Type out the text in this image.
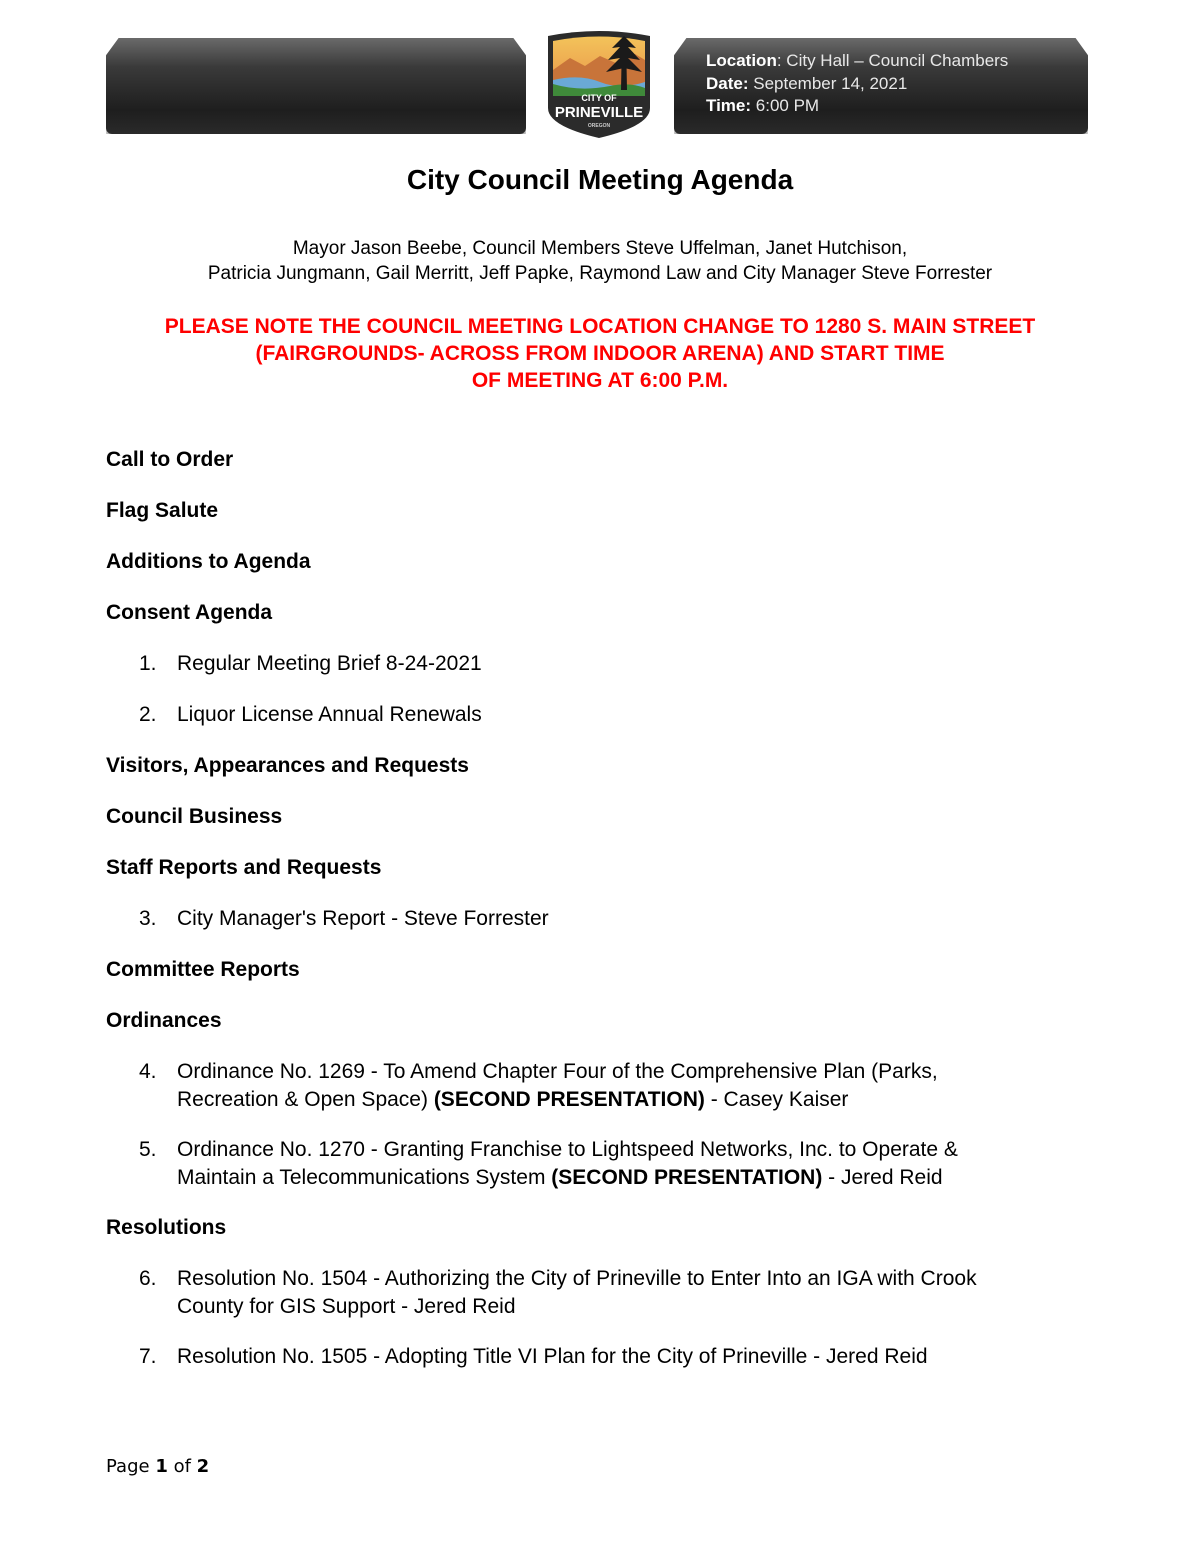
Location: City Hall – Council Chambers
Date: September 14, 2021
Time: 6:00 PM
CITY OF
PRINEVILLE
OREGON
City Council Meeting Agenda
Mayor Jason Beebe, Council Members Steve Uffelman, Janet Hutchison,
Patricia Jungmann, Gail Merritt, Jeff Papke, Raymond Law and City Manager Steve Forrester
PLEASE NOTE THE COUNCIL MEETING LOCATION CHANGE TO 1280 S. MAIN STREET
(FAIRGROUNDS- ACROSS FROM INDOOR ARENA) AND START TIME
OF MEETING AT 6:00 P.M.
Call to Order
Flag Salute
Additions to Agenda
Consent Agenda
1. Regular Meeting Brief 8-24-2021
2. Liquor License Annual Renewals
Visitors, Appearances and Requests
Council Business
Staff Reports and Requests
3. City Manager's Report - Steve Forrester
Committee Reports
Ordinances
4. Ordinance No. 1269 - To Amend Chapter Four of the Comprehensive Plan (Parks,
Recreation & Open Space) (SECOND PRESENTATION) - Casey Kaiser
5. Ordinance No. 1270 - Granting Franchise to Lightspeed Networks, Inc. to Operate &
Maintain a Telecommunications System (SECOND PRESENTATION) - Jered Reid
Resolutions
6. Resolution No. 1504 - Authorizing the City of Prineville to Enter Into an IGA with Crook
County for GIS Support - Jered Reid
7. Resolution No. 1505 - Adopting Title VI Plan for the City of Prineville - Jered Reid
Page 1 of 2
